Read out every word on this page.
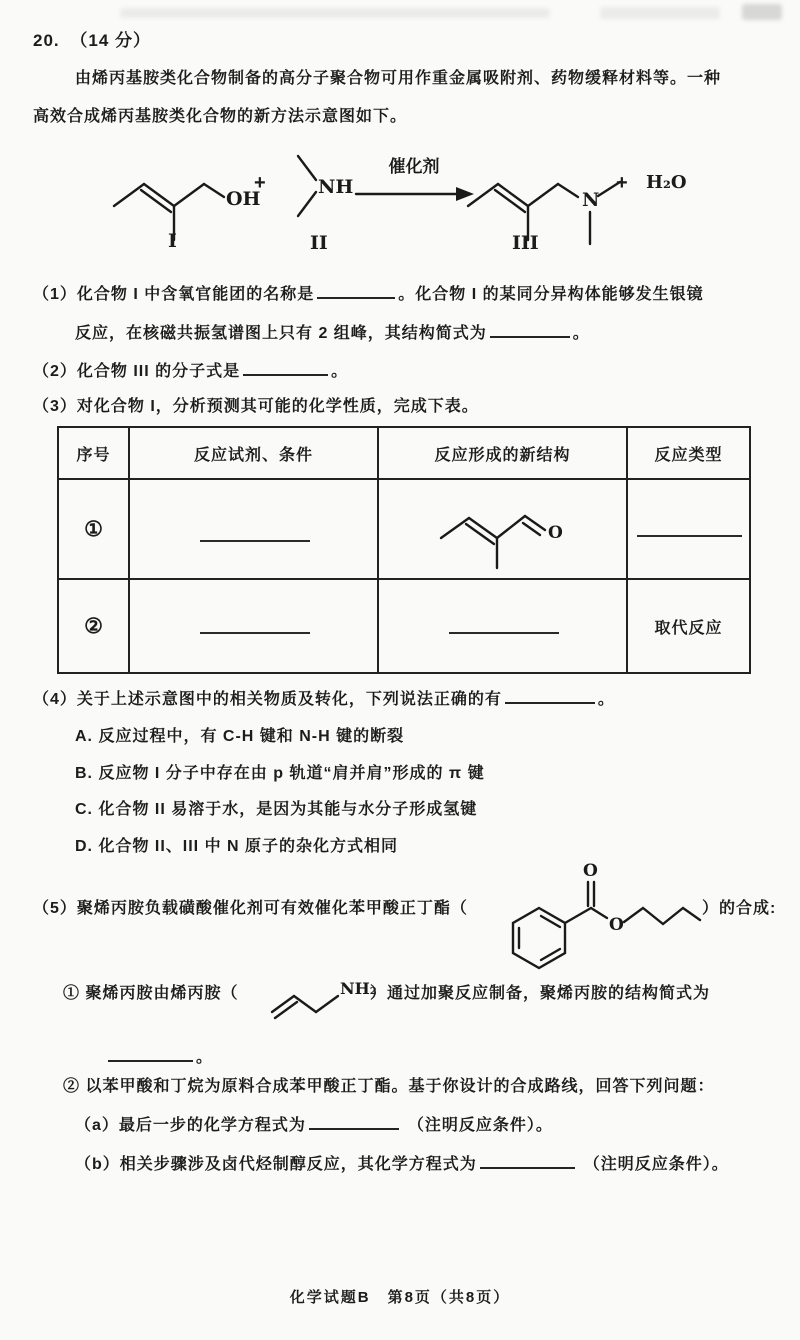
20. （14 分）
由烯丙基胺类化合物制备的高分子聚合物可用作重金属吸附剂、药物缓释材料等。一种
高效合成烯丙基胺类化合物的新方法示意图如下。
OH
+	NH
催化剂
N
+ H₂O
I	II	III
（1）化合物 I 中含氧官能团的名称是	。化合物 I 的某同分异构体能够发生银镜
反应，在核磁共振氢谱图上只有 2 组峰，其结构简式为	。
（2）化合物 III 的分子式是	。
（3）对化合物 I，分析预测其可能的化学性质，完成下表。
序号	反应试剂、条件	反应形成的新结构	反应类型
①		O	

②			取代反应
（4）关于上述示意图中的相关物质及转化，下列说法正确的有	。
A. 反应过程中，有 C-H 键和 N-H 键的断裂
B. 反应物 I 分子中存在由 p 轨道“肩并肩”形成的 π 键
C. 化合物 II 易溶于水，是因为其能与水分子形成氢键
D. 化合物 II、III 中 N 原子的杂化方式相同
（5）聚烯丙胺负载磺酸催化剂可有效催化苯甲酸正丁酯（
O
O
）的合成:
① 聚烯丙胺由烯丙胺（	NH₂
）通过加聚反应制备，聚烯丙胺的结构简式为
。
② 以苯甲酸和丁烷为原料合成苯甲酸正丁酯。基于你设计的合成路线，回答下列问题：
（a）最后一步的化学方程式为	（注明反应条件）。
（b）相关步骤涉及卤代烃制醇反应，其化学方程式为	（注明反应条件）。
化学试题B　第8页（共8页）
